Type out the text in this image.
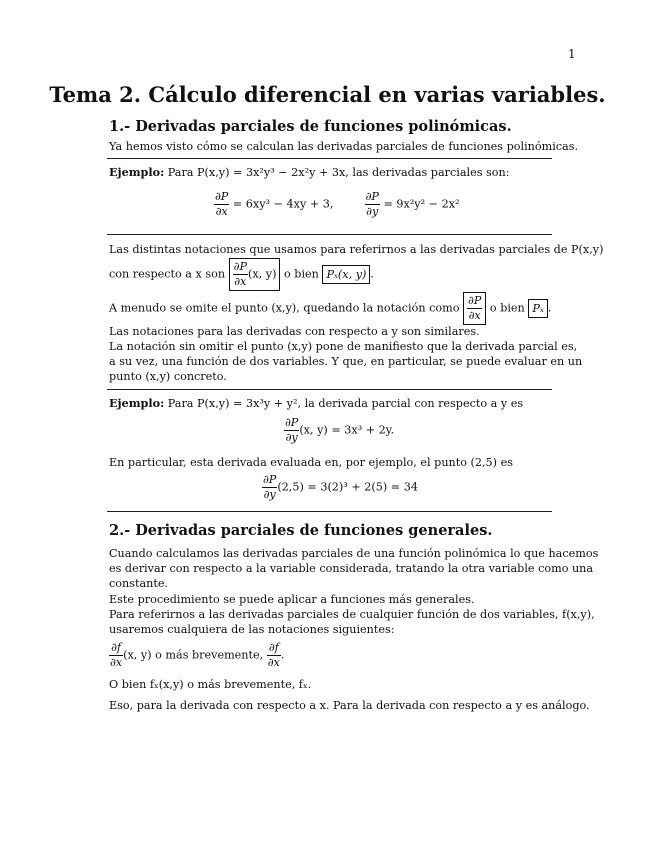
1
Tema 2. Cálculo diferencial en varias variables.
1.- Derivadas parciales de funciones polinómicas.
Ya hemos visto cómo se calculan las derivadas parciales de funciones polinómicas.
Ejemplo: Para P(x,y) = 3x²y³ − 2x²y + 3x, las derivadas parciales son:
$\frac{\partial P}{\partial x} = 6xy^3 - 4xy + 3$,	$\frac{\partial P}{\partial y} = 9x^2y^2 - 2x^2$
Las distintas notaciones que usamos para referirnos a las derivadas parciales de P(x,y)
con respecto a x son $\frac{\partial P}{\partial x} (x$, y) o bien Pₓ(x, y) .
A menudo se omite el punto (x,y), quedando la notación como $\frac{\partial P}{\partial x}$ o bien Pₓ .
Las notaciones para las derivadas con respecto a y son similares.
La notación sin omitir el punto (x,y) pone de manifiesto que la derivada parcial es,
a su vez, una función de dos variables. Y que, en particular, se puede evaluar en un
punto (x,y) concreto.
Ejemplo: Para P(x,y) = 3x³y + y², la derivada parcial con respecto a y es
$\frac{\partial P}{\partial y} (x$, y) = 3x³ + 2y.
En particular, esta derivada evaluada en, por ejemplo, el punto (2,5) es
$\frac{\partial P}{\partial y} (2,5) = 3(2)^3 + 2(5) = 34$
2.- Derivadas parciales de funciones generales.
Cuando calculamos las derivadas parciales de una función polinómica lo que hacemos
es derivar con respecto a la variable considerada, tratando la otra variable como una
constante.
Este procedimiento se puede aplicar a funciones más generales.
Para referirnos a las derivadas parciales de cualquier función de dos variables, f(x,y),
usaremos cualquiera de las notaciones siguientes:
$\frac{\partial f}{\partial x} (x$, y) o más brevemente, $\frac{\partial f}{\partial x}$ .
O bien fₓ(x,y) o más brevemente, fₓ.
Eso, para la derivada con respecto a x. Para la derivada con respecto a y es análogo.
